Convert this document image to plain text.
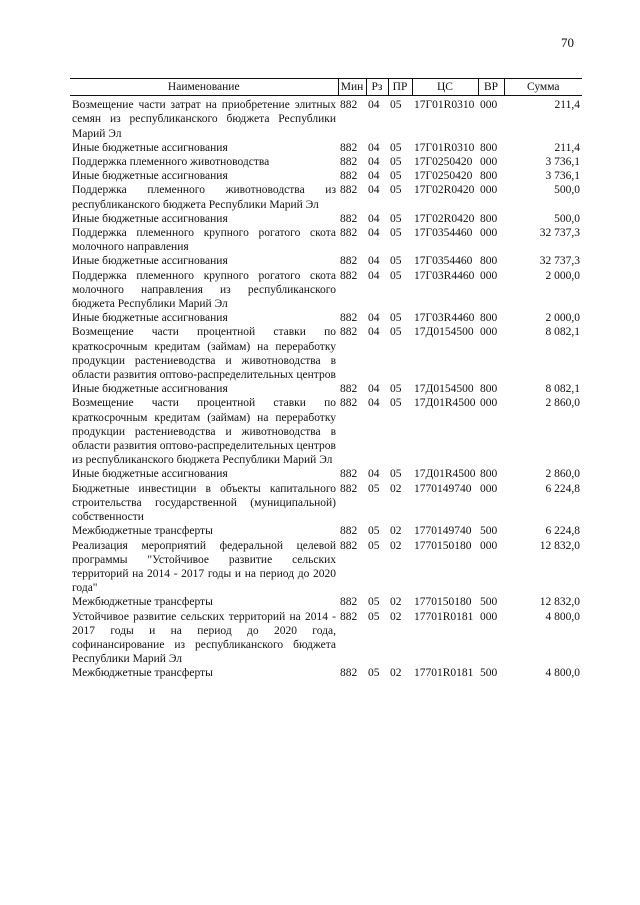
70
Наименование	Мин	Рз	ПР	ЦС	ВР	Сумма
Возмещение части затрат на приобретение элитных семян из республиканского бюджета Республики Марий Эл	882	04	05	17Г01R0310	000	211,4
Иные бюджетные ассигнования	882	04	05	17Г01R0310	800	211,4
Поддержка племенного животноводства	882	04	05	17Г0250420	000	3 736,1
Иные бюджетные ассигнования	882	04	05	17Г0250420	800	3 736,1
Поддержка племенного животноводства из республиканского бюджета Республики Марий Эл	882	04	05	17Г02R0420	000	500,0
Иные бюджетные ассигнования	882	04	05	17Г02R0420	800	500,0
Поддержка племенного крупного рогатого скота молочного направления	882	04	05	17Г0354460	000	32 737,3
Иные бюджетные ассигнования	882	04	05	17Г0354460	800	32 737,3
Поддержка племенного крупного рогатого скота молочного направления из республиканского бюджета Республики Марий Эл	882	04	05	17Г03R4460	000	2 000,0
Иные бюджетные ассигнования	882	04	05	17Г03R4460	800	2 000,0
Возмещение части процентной ставки по краткосрочным кредитам (займам) на переработку продукции растениеводства и животноводства в области развития оптово-распределительных центров	882	04	05	17Д0154500	000	8 082,1
Иные бюджетные ассигнования	882	04	05	17Д0154500	800	8 082,1
Возмещение части процентной ставки по краткосрочным кредитам (займам) на переработку продукции растениеводства и животноводства в области развития оптово-распределительных центров из республиканского бюджета Республики Марий Эл	882	04	05	17Д01R4500	000	2 860,0
Иные бюджетные ассигнования	882	04	05	17Д01R4500	800	2 860,0
Бюджетные инвестиции в объекты капитального строительства государственной (муниципальной) собственности	882	05	02	1770149740	000	6 224,8
Межбюджетные трансферты	882	05	02	1770149740	500	6 224,8
Реализация мероприятий федеральной целевой программы "Устойчивое развитие сельских территорий на 2014 - 2017 годы и на период до 2020 года"	882	05	02	1770150180	000	12 832,0
Межбюджетные трансферты	882	05	02	1770150180	500	12 832,0
Устойчивое развитие сельских территорий на 2014 - 2017 годы и на период до 2020 года, софинансирование из республиканского бюджета Республики Марий Эл	882	05	02	17701R0181	000	4 800,0
Межбюджетные трансферты	882	05	02	17701R0181	500	4 800,0
